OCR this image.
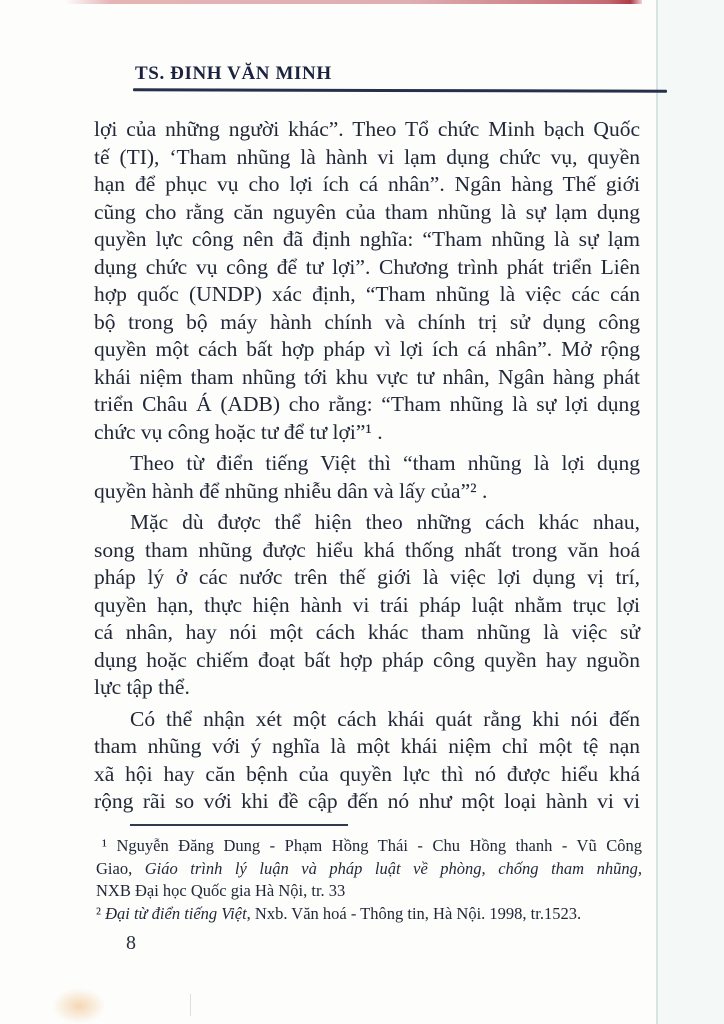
TS. ĐINH VĂN MINH
lợi của những người khác”. Theo Tổ chức Minh bạch Quốc
tế (TI), ‘Tham nhũng là hành vi lạm dụng chức vụ, quyền
hạn để phục vụ cho lợi ích cá nhân”. Ngân hàng Thế giới
cũng cho rằng căn nguyên của tham nhũng là sự lạm dụng
quyền lực công nên đã định nghĩa: “Tham nhũng là sự lạm
dụng chức vụ công để tư lợi”. Chương trình phát triển Liên
hợp quốc (UNDP) xác định, “Tham nhũng là việc các cán
bộ trong bộ máy hành chính và chính trị sử dụng công
quyền một cách bất hợp pháp vì lợi ích cá nhân”. Mở rộng
khái niệm tham nhũng tới khu vực tư nhân, Ngân hàng phát
triển Châu Á (ADB) cho rằng: “Tham nhũng là sự lợi dụng
chức vụ công hoặc tư để tư lợi”¹ .
Theo từ điển tiếng Việt thì “tham nhũng là lợi dụng
quyền hành để nhũng nhiễu dân và lấy của”² .
Mặc dù được thể hiện theo những cách khác nhau,
song tham nhũng được hiểu khá thống nhất trong văn hoá
pháp lý ở các nước trên thế giới là việc lợi dụng vị trí,
quyền hạn, thực hiện hành vi trái pháp luật nhằm trục lợi
cá nhân, hay nói một cách khác tham nhũng là việc sử
dụng hoặc chiếm đoạt bất hợp pháp công quyền hay nguồn
lực tập thể.
Có thể nhận xét một cách khái quát rằng khi nói đến
tham nhũng với ý nghĩa là một khái niệm chỉ một tệ nạn
xã hội hay căn bệnh của quyền lực thì nó được hiểu khá
rộng rãi so với khi đề cập đến nó như một loại hành vi vi
¹ Nguyễn Đăng Dung - Phạm Hồng Thái - Chu Hồng thanh - Vũ Công
Giao, Giáo trình lý luận và pháp luật về phòng, chống tham nhũng,
NXB Đại học Quốc gia Hà Nội, tr. 33
² Đại từ điển tiếng Việt, Nxb. Văn hoá - Thông tin, Hà Nội. 1998, tr.1523.
8
